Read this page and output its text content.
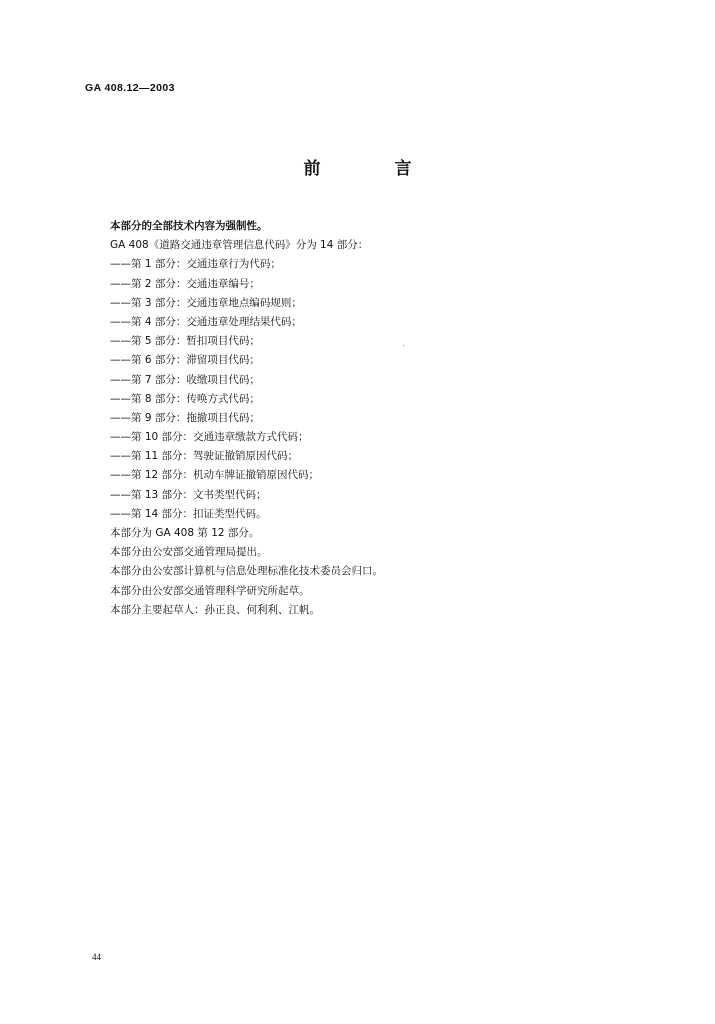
GA 408.12—2003
前 言
本部分的全部技术内容为强制性。
GA 408《道路交通违章管理信息代码》分为 14 部分：
——第 1 部分：交通违章行为代码；
——第 2 部分：交通违章编号；
——第 3 部分：交通违章地点编码规则；
——第 4 部分：交通违章处理结果代码；
——第 5 部分：暂扣项目代码；
——第 6 部分：滞留项目代码；
——第 7 部分：收缴项目代码；
——第 8 部分：传唤方式代码；
——第 9 部分：拖撤项目代码；
——第 10 部分：交通违章缴款方式代码；
——第 11 部分：驾驶证撤销原因代码；
——第 12 部分：机动车牌证撤销原因代码；
——第 13 部分：文书类型代码；
——第 14 部分：扣证类型代码。
本部分为 GA 408 第 12 部分。
本部分由公安部交通管理局提出。
本部分由公安部计算机与信息处理标准化技术委员会归口。
本部分由公安部交通管理科学研究所起草。
本部分主要起草人：孙正良、何利利、江帆。
44
